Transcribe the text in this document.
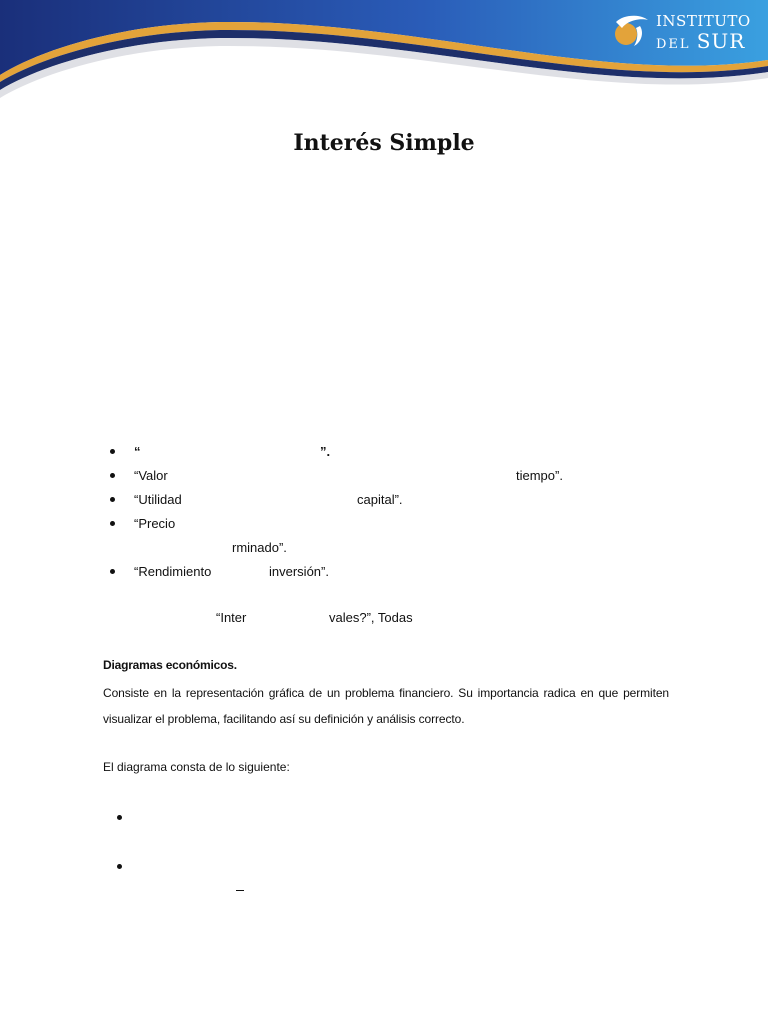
INSTITUTO
DEL SUR
Interés Simple
“	”.
“Valor	tiempo”.
“Utilidad	capital”.
“Precio
rminado”.
“Rendimiento	inversión”.
“Inter	vales?”, Todas
Diagramas económicos.
Consiste en la representación gráfica de un problema financiero. Su importancia radica en que permiten visualizar el problema, facilitando así su definición y análisis correcto.
El diagrama consta de lo siguiente:
